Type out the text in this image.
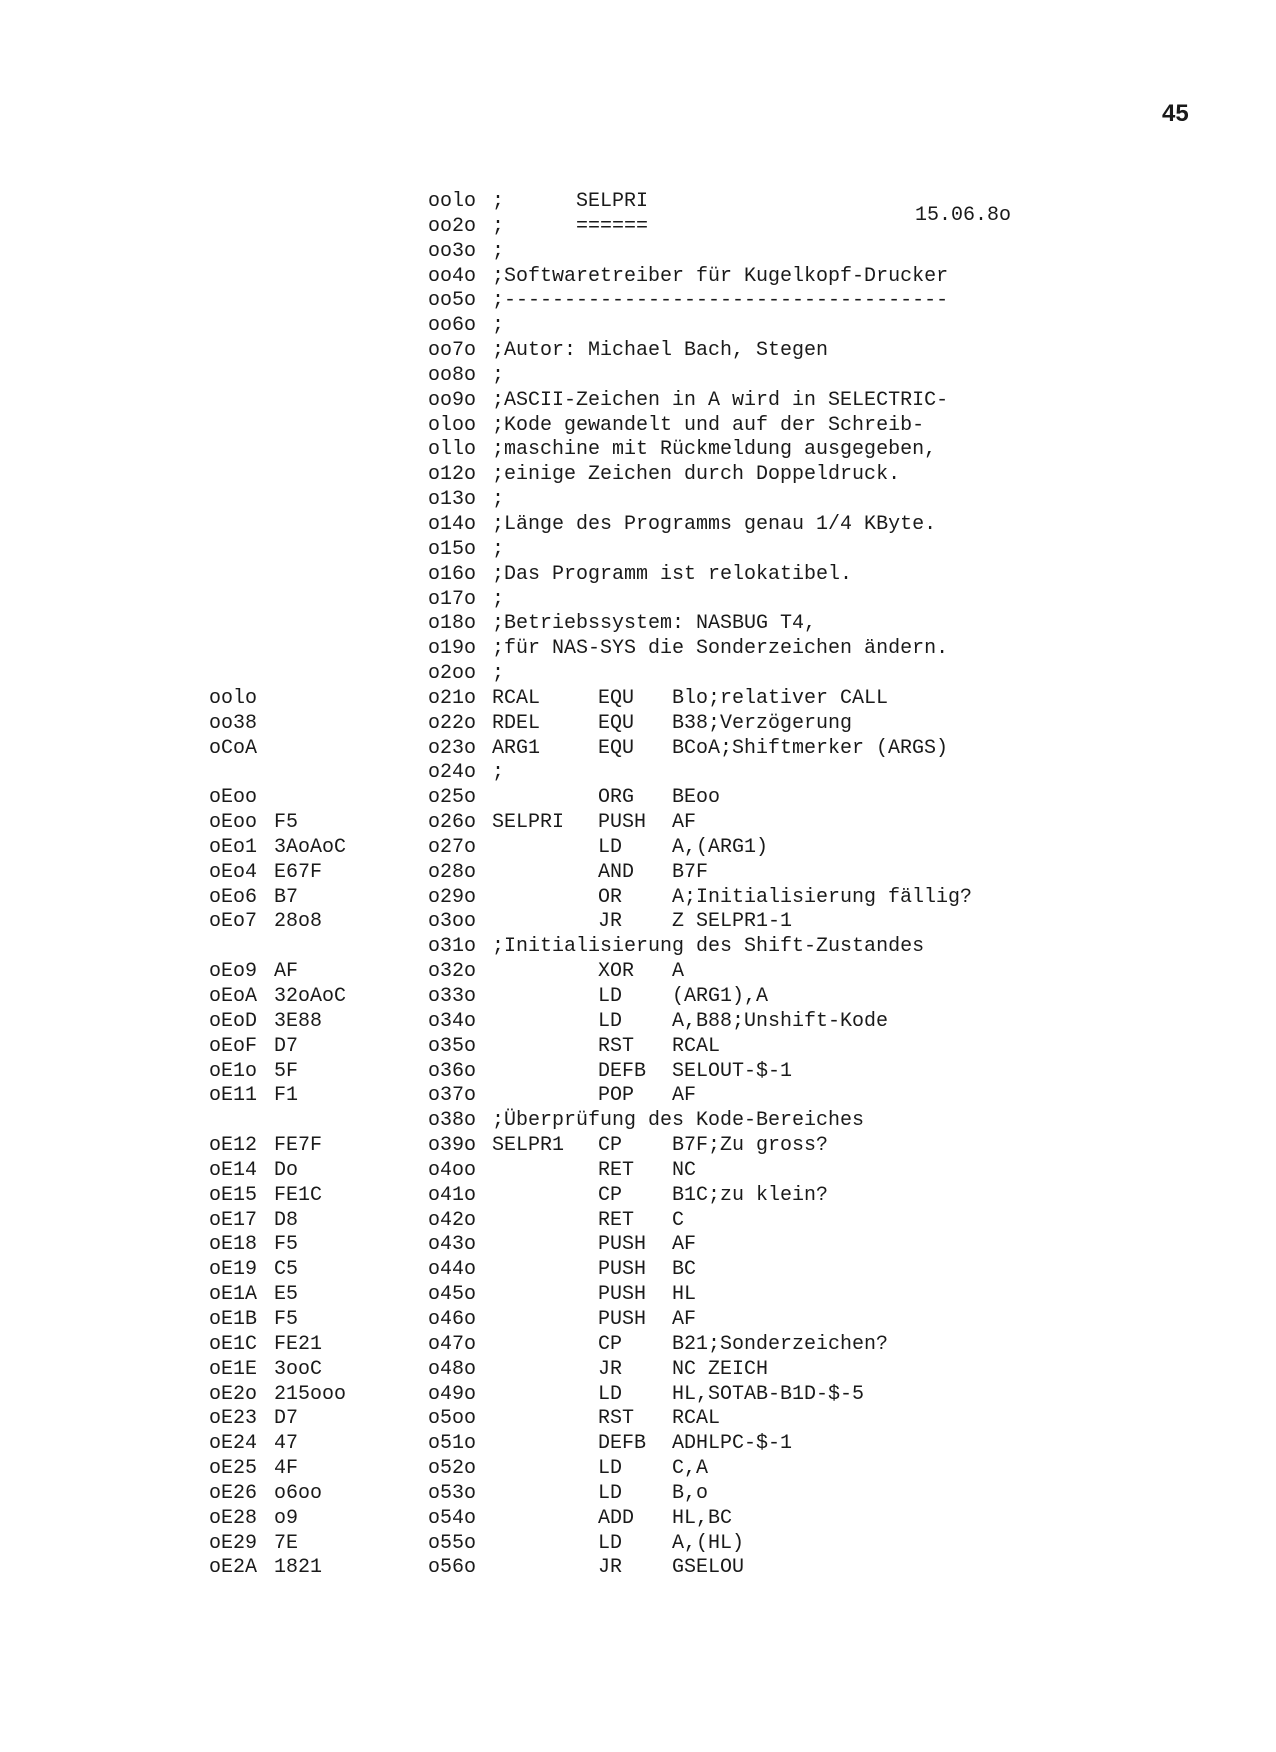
45
15.06.8o
oolo ;      SELPRI
oo2o ;      ======
oo3o ;
oo4o ;Softwaretreiber für Kugelkopf-Drucker
oo5o ;-------------------------------------
oo6o ;
oo7o ;Autor: Michael Bach, Stegen
oo8o ;
oo9o ;ASCII-Zeichen in A wird in SELECTRIC-
oloo ;Kode gewandelt und auf der Schreib-
ollo ;maschine mit Rückmeldung ausgegeben,
o12o ;einige Zeichen durch Doppeldruck.
o13o ;
o14o ;Länge des Programms genau 1/4 KByte.
o15o ;
o16o ;Das Programm ist relokatibel.
o17o ;
o18o ;Betriebssystem: NASBUG T4,
o19o ;für NAS-SYS die Sonderzeichen ändern.
o2oo ;
oolo	o21o RCAL	EQU Blo;relativer CALL
oo38	o22o RDEL	EQU B38;Verzögerung
oCoA	o23o ARG1	EQU BCoA;Shiftmerker (ARGS)
o24o ;
oEoo	o25o	ORG BEoo
oEoo F5	o26o SELPRI PUSH AF
oEo1 3AoAoC	o27o	LD A,(ARG1)
oEo4 E67F	o28o	AND B7F
oEo6 B7	o29o	OR A;Initialisierung fällig?
oEo7 28o8	o3oo	JR Z SELPR1-1
o31o ;Initialisierung des Shift-Zustandes
oEo9 AF	o32o	XOR A
oEoA 32oAoC	o33o	LD (ARG1),A
oEoD 3E88	o34o	LD A,B88;Unshift-Kode
oEoF D7	o35o	RST RCAL
oE1o 5F	o36o	DEFB SELOUT-$-1
oE11 F1	o37o	POP AF
o38o ;Überprüfung des Kode-Bereiches
oE12 FE7F	o39o SELPR1 CP B7F;Zu gross?
oE14 Do	o4oo	RET NC
oE15 FE1C	o41o	CP B1C;zu klein?
oE17 D8	o42o	RET C
oE18 F5	o43o	PUSH AF
oE19 C5	o44o	PUSH BC
oE1A E5	o45o	PUSH HL
oE1B F5	o46o	PUSH AF
oE1C FE21	o47o	CP B21;Sonderzeichen?
oE1E 3ooC	o48o	JR NC ZEICH
oE2o 215ooo	o49o	LD HL,SOTAB-B1D-$-5
oE23 D7	o5oo	RST RCAL
oE24 47	o51o	DEFB ADHLPC-$-1
oE25 4F	o52o	LD C,A
oE26 o6oo	o53o	LD B,o
oE28 o9	o54o	ADD HL,BC
oE29 7E	o55o	LD A,(HL)
oE2A 1821	o56o	JR GSELOU
